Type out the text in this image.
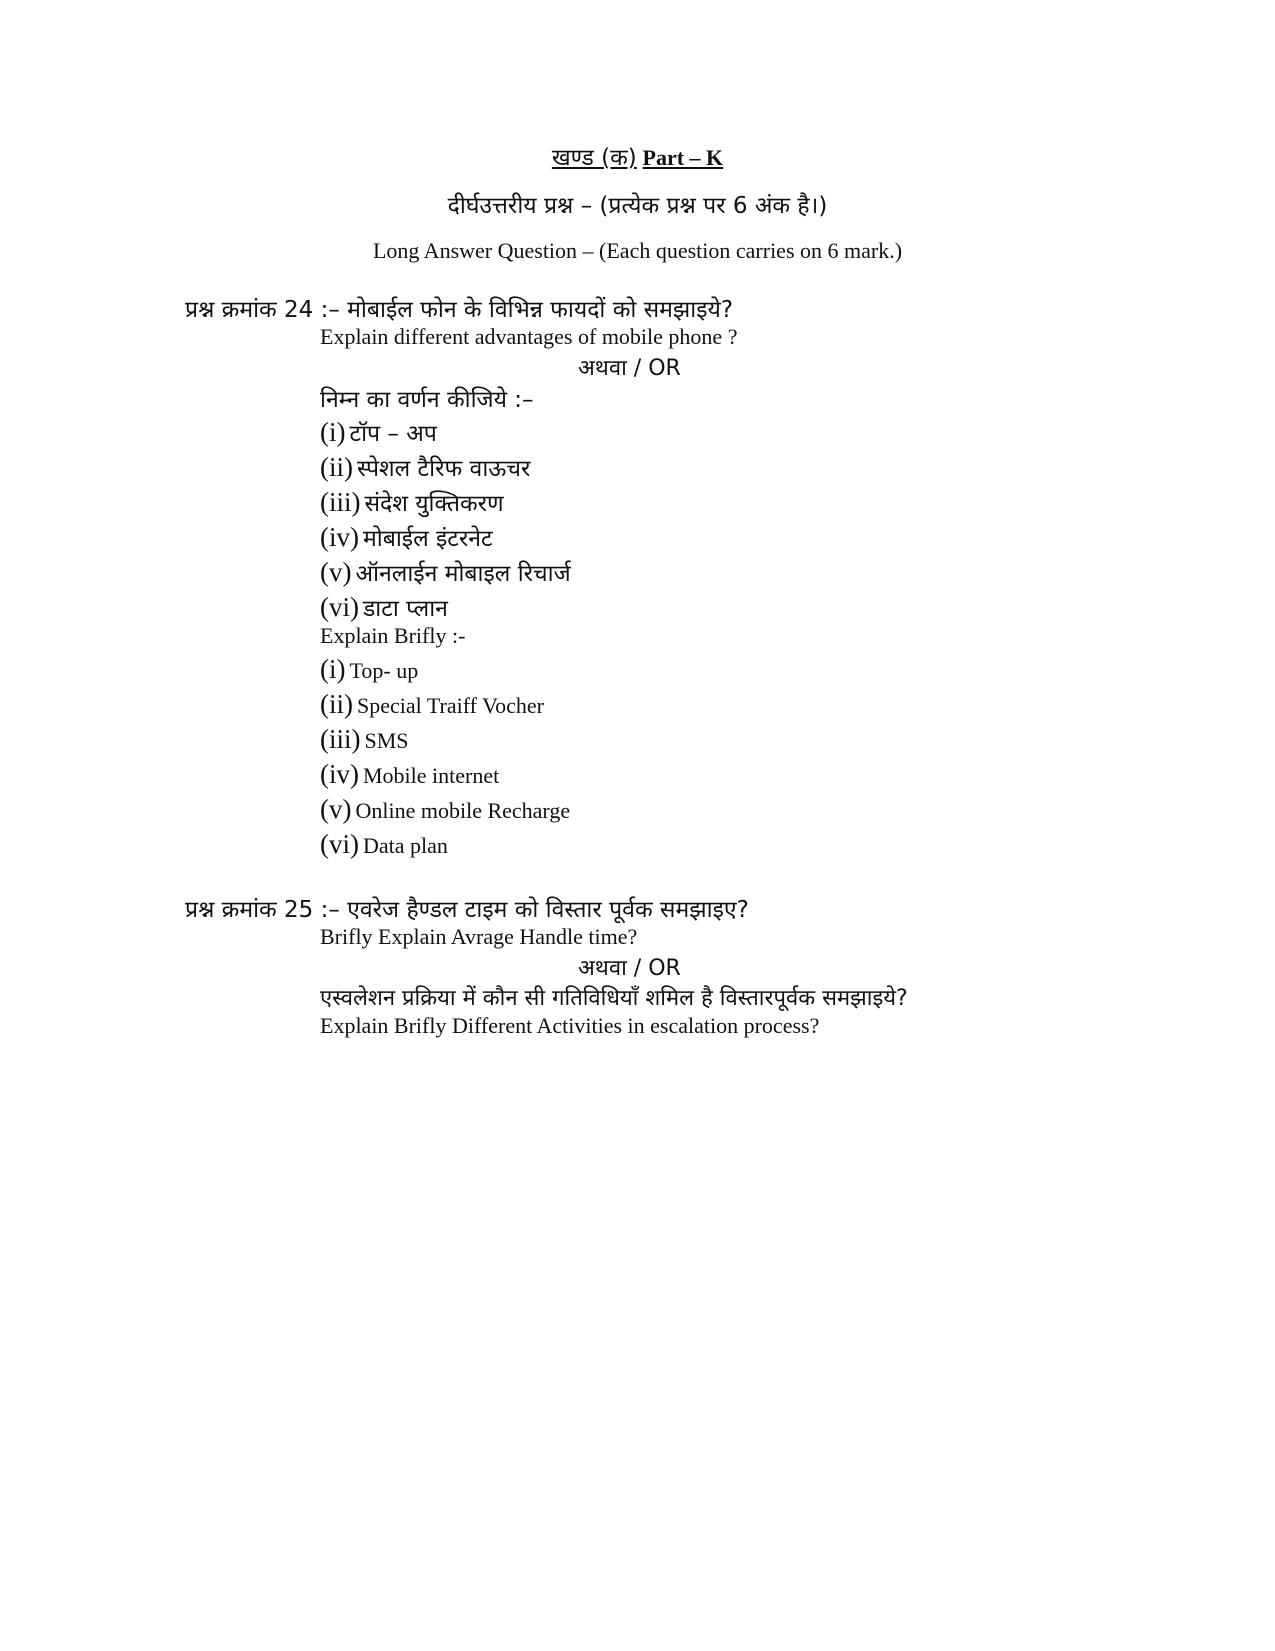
खण्ड (क) Part – K
दीर्घउत्तरीय प्रश्न – (प्रत्येक प्रश्न पर 6 अंक है।)
Long Answer Question – (Each question carries on 6 mark.)
प्रश्न क्रमांक 24 :– मोबाईल फोन के विभिन्न फायदों को समझाइये?
Explain different advantages of mobile phone ?
अथवा / OR
निम्न का वर्णन कीजिये :–
(i) टॉप – अप
(ii) स्पेशल टैरिफ वाऊचर
(iii) संदेश युक्तिकरण
(iv) मोबाईल इंटरनेट
(v) ऑनलाईन मोबाइल रिचार्ज
(vi) डाटा प्लान
Explain Brifly :-
(i) Top- up
(ii) Special Traiff Vocher
(iii) SMS
(iv) Mobile internet
(v) Online mobile Recharge
(vi) Data plan
प्रश्न क्रमांक 25 :– एवरेज हैण्डल टाइम को विस्तार पूर्वक समझाइए?
Brifly Explain Avrage Handle time?
अथवा / OR
एस्वलेशन प्रक्रिया में कौन सी गतिविधियाँ शमिल है विस्तारपूर्वक समझाइये?
Explain Brifly Different Activities in escalation process?
